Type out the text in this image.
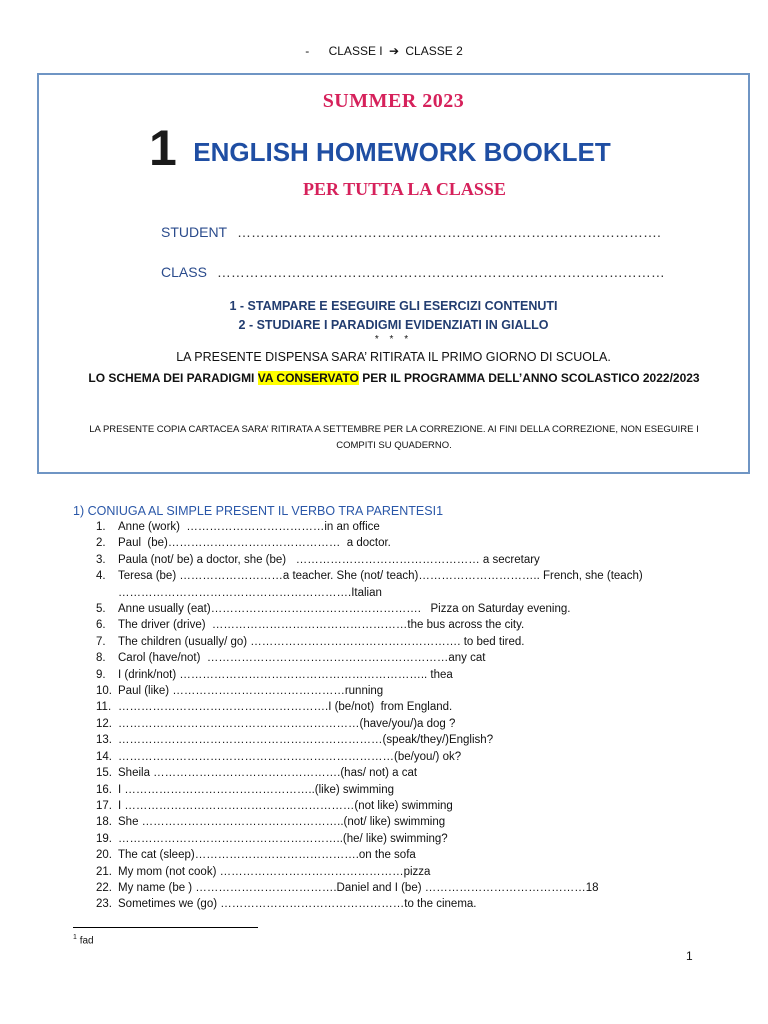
- CLASSE I ➔ CLASSE 2
SUMMER 2023
1 ENGLISH HOMEWORK BOOKLET
PER TUTTA LA CLASSE
STUDENT ……………………………………………………………………………….
CLASS ……………………………………………………………………………………
1 - STAMPARE E ESEGUIRE GLI ESERCIZI CONTENUTI
2 - STUDIARE I PARADIGMI EVIDENZIATI IN GIALLO
* * *
LA PRESENTE DISPENSA SARA’ RITIRATA IL PRIMO GIORNO DI SCUOLA.
LO SCHEMA DEI PARADIGMI VA CONSERVATO PER IL PROGRAMMA DELL’ANNO SCOLASTICO 2022/2023
LA PRESENTE COPIA CARTACEA SARA’ RITIRATA A SETTEMBRE PER LA CORREZIONE. AI FINI DELLA CORREZIONE, NON ESEGUIRE I COMPITI SU QUADERNO.
1) CONIUGA AL SIMPLE PRESENT IL VERBO TRA PARENTESI1
1.	Anne (work)  ………………………………in an office
2.	Paul  (be)………………………………………  a doctor.
3.	Paula (not/ be) a doctor, she (be)   ………………………………………… a secretary
4.	Teresa (be) ………………………a teacher. She (not/ teach)………………………….. French, she (teach) …………………………………………………….Italian
5.	Anne usually (eat)……………………………………………….   Pizza on Saturday evening.
6.	The driver (drive)  ……………………………………………the bus across the city.
7.	The children (usually/ go) ………………………………………………. to bed tired.
8.	Carol (have/not)  ………………………………………………………any cat
9.	I (drink/not) ……………………………………………………….. thea
10. Paul (like) ………………………………………running
11. ……………………………………………….I (be/not)  from England.
12. ………………………………………………………(have/you/)a dog ?
13. ……………………………………………………………(speak/they/)English?
14. ………………………………………………………………(be/you/) ok?
15. Sheila ………………………………………….(has/ not) a cat
16. I …………………………………………..(like) swimming
17. I ……………………………………………………(not like) swimming
18. She ……………………………………………..(not/ like) swimming
19. …………………………………………………..(he/ like) swimming?
20. The cat (sleep)…………………………………….on the sofa
21. My mom (not cook) …………………………………………pizza
22. My name (be ) ……………………………….Daniel and I (be) ……………………………………18
23. Sometimes we (go) …………………………………………to the cinema.
$^1$ fad
1
